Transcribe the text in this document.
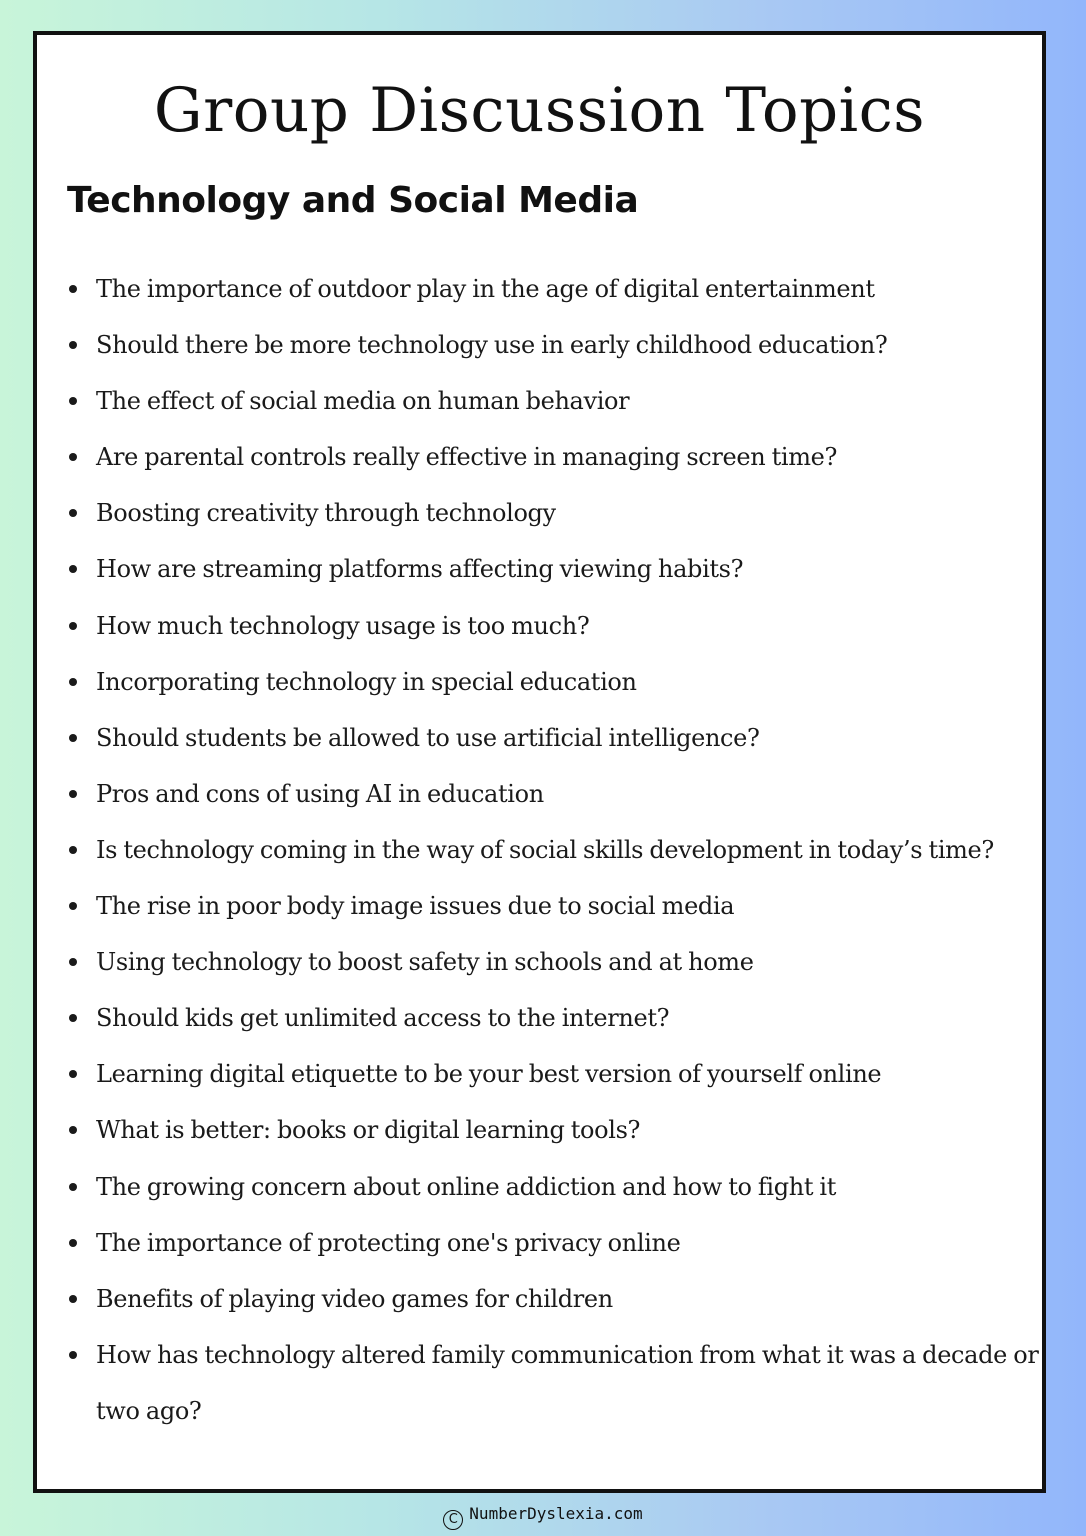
Group Discussion Topics
Technology and Social Media
The importance of outdoor play in the age of digital entertainment
Should there be more technology use in early childhood education?
The effect of social media on human behavior
Are parental controls really effective in managing screen time?
Boosting creativity through technology
How are streaming platforms affecting viewing habits?
How much technology usage is too much?
Incorporating technology in special education
Should students be allowed to use artificial intelligence?
Pros and cons of using AI in education
Is technology coming in the way of social skills development in today’s time?
The rise in poor body image issues due to social media
Using technology to boost safety in schools and at home
Should kids get unlimited access to the internet?
Learning digital etiquette to be your best version of yourself online
What is better: books or digital learning tools?
The growing concern about online addiction and how to fight it
The importance of protecting one's privacy online
Benefits of playing video games for children
How has technology altered family communication from what it was a decade or two ago?
C NumberDyslexia.com
